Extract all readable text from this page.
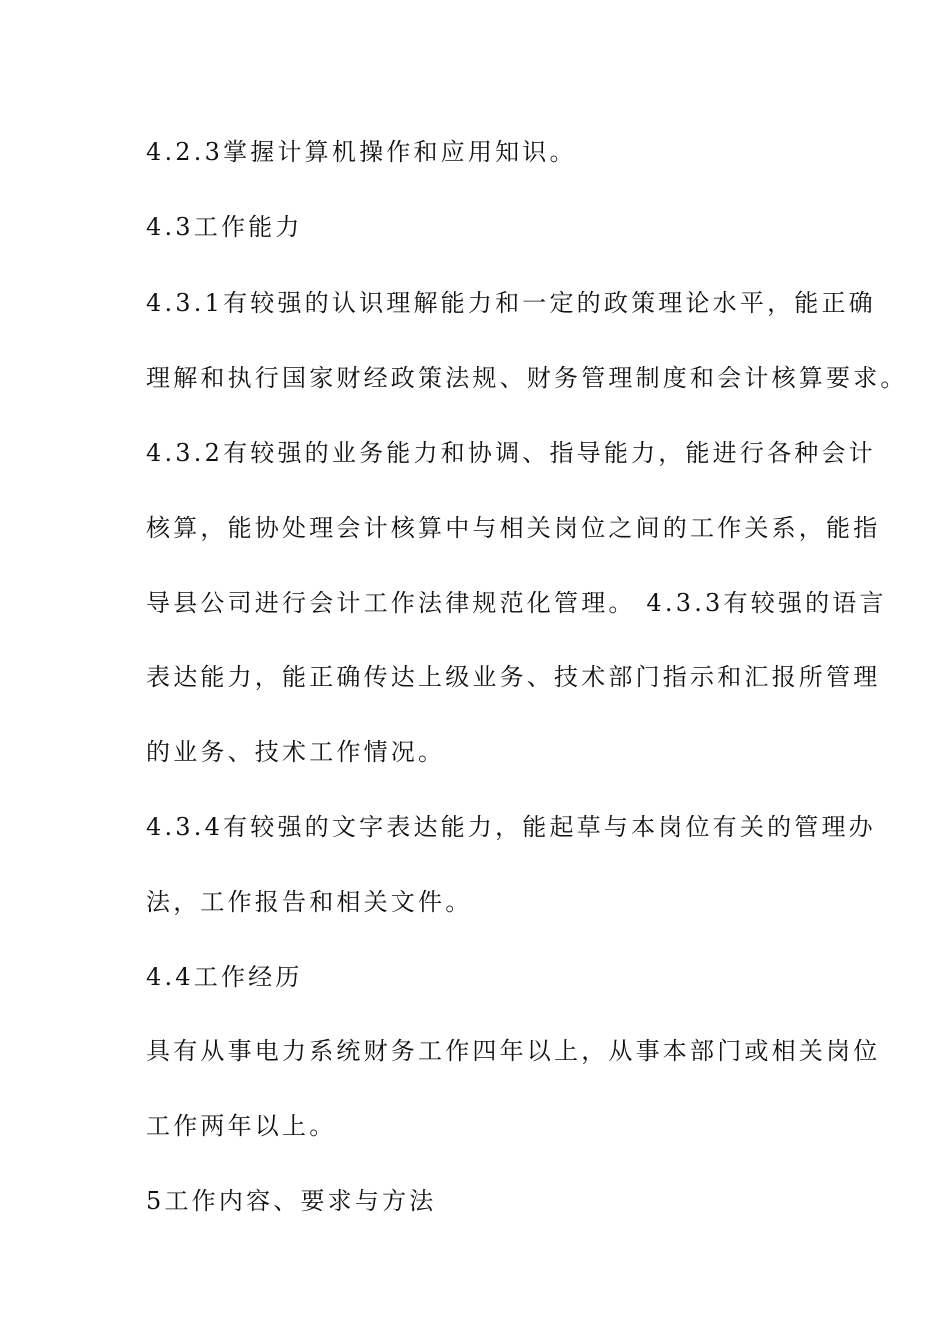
4.2.3掌握计算机操作和应用知识。
4.3工作能力
4.3.1有较强的认识理解能力和一定的政策理论水平，能正确
理解和执行国家财经政策法规、财务管理制度和会计核算要求。
4.3.2有较强的业务能力和协调、指导能力，能进行各种会计
核算，能协处理会计核算中与相关岗位之间的工作关系，能指
导县公司进行会计工作法律规范化管理。 4.3.3有较强的语言
表达能力，能正确传达上级业务、技术部门指示和汇报所管理
的业务、技术工作情况。
4.3.4有较强的文字表达能力，能起草与本岗位有关的管理办
法，工作报告和相关文件。
4.4工作经历
具有从事电力系统财务工作四年以上，从事本部门或相关岗位
工作两年以上。
5工作内容、要求与方法
